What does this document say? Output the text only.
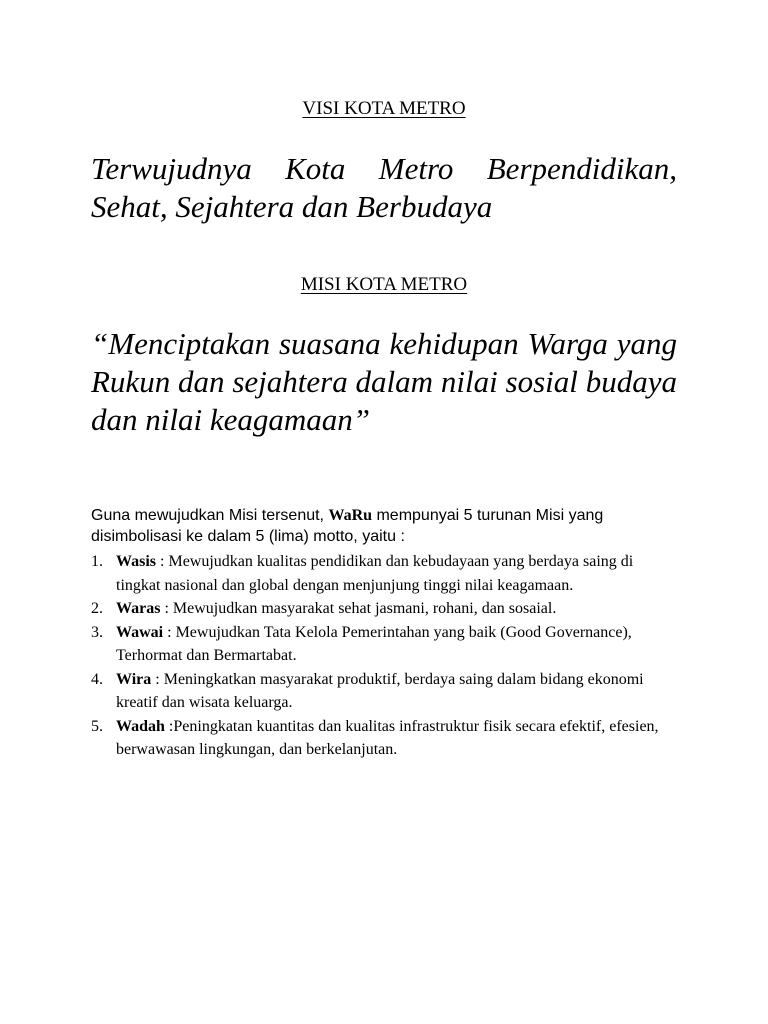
VISI KOTA METRO

Terwujudnya Kota Metro Berpendidikan, Sehat, Sejahtera dan Berbudaya

MISI KOTA METRO

“Menciptakan suasana kehidupan Warga yang Rukun dan sejahtera dalam nilai sosial budaya dan nilai keagamaan”

Guna mewujudkan Misi tersenut, WaRu mempunyai 5 turunan Misi yang disimbolisasi ke dalam 5 (lima) motto, yaitu :

1. Wasis : Mewujudkan kualitas pendidikan dan kebudayaan yang berdaya saing di tingkat nasional dan global dengan menjunjung tinggi nilai keagamaan.
2. Waras : Mewujudkan masyarakat sehat jasmani, rohani, dan sosaial.
3. Wawai : Mewujudkan Tata Kelola Pemerintahan yang baik (Good Governance), Terhormat dan Bermartabat.
4. Wira : Meningkatkan masyarakat produktif, berdaya saing dalam bidang ekonomi kreatif dan wisata keluarga.
5. Wadah :Peningkatan kuantitas dan kualitas infrastruktur fisik secara efektif, efesien, berwawasan lingkungan, dan berkelanjutan.
